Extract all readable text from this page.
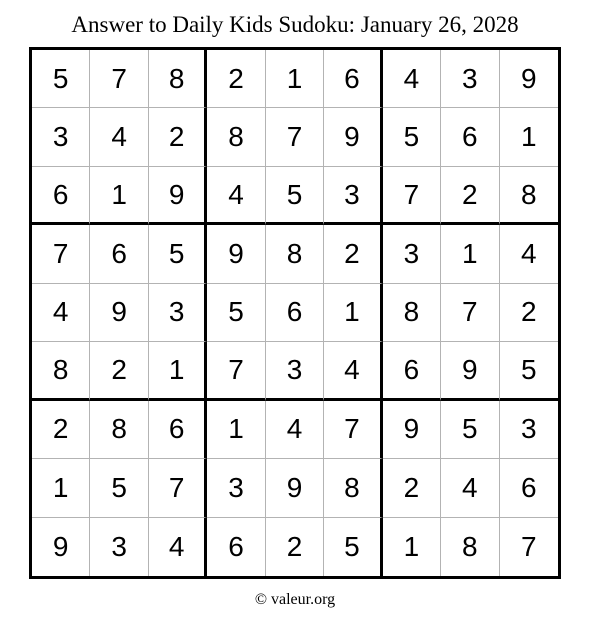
Answer to Daily Kids Sudoku: January 26, 2028
5	7	8	2	1	6	4	3	9
3	4	2	8	7	9	5	6	1
6	1	9	4	5	3	7	2	8
7	6	5	9	8	2	3	1	4
4	9	3	5	6	1	8	7	2
8	2	1	7	3	4	6	9	5
2	8	6	1	4	7	9	5	3
1	5	7	3	9	8	2	4	6
9	3	4	6	2	5	1	8	7
© valeur.org
